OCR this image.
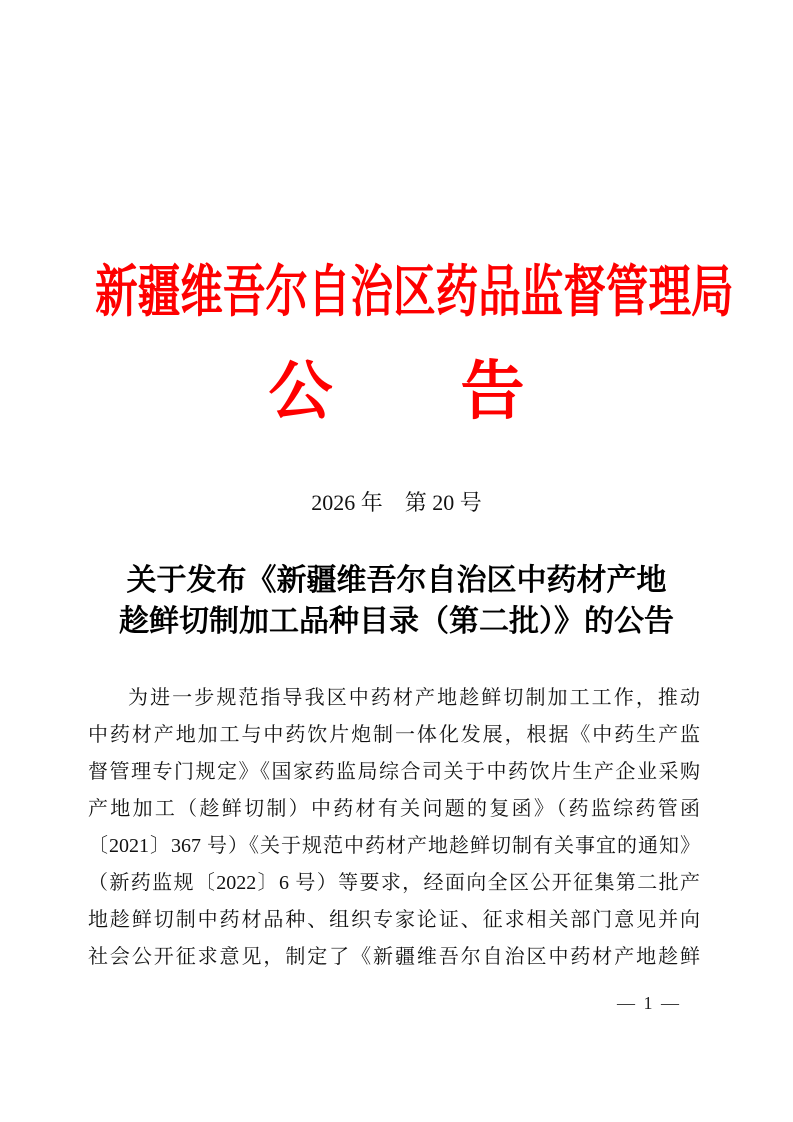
新疆维吾尔自治区药品监督管理局
公　　告
2026 年　第 20 号
关于发布《新疆维吾尔自治区中药材产地
趁鲜切制加工品种目录（第二批）》的公告
为进一步规范指导我区中药材产地趁鲜切制加工工作，推动
中药材产地加工与中药饮片炮制一体化发展，根据《中药生产监
督管理专门规定》《国家药监局综合司关于中药饮片生产企业采购
产地加工（趁鲜切制）中药材有关问题的复函》（药监综药管函
〔2021〕367 号）《关于规范中药材产地趁鲜切制有关事宜的通知》
（新药监规〔2022〕6 号）等要求，经面向全区公开征集第二批产
地趁鲜切制中药材品种、组织专家论证、征求相关部门意见并向
社会公开征求意见，制定了《新疆维吾尔自治区中药材产地趁鲜
— 1 —
